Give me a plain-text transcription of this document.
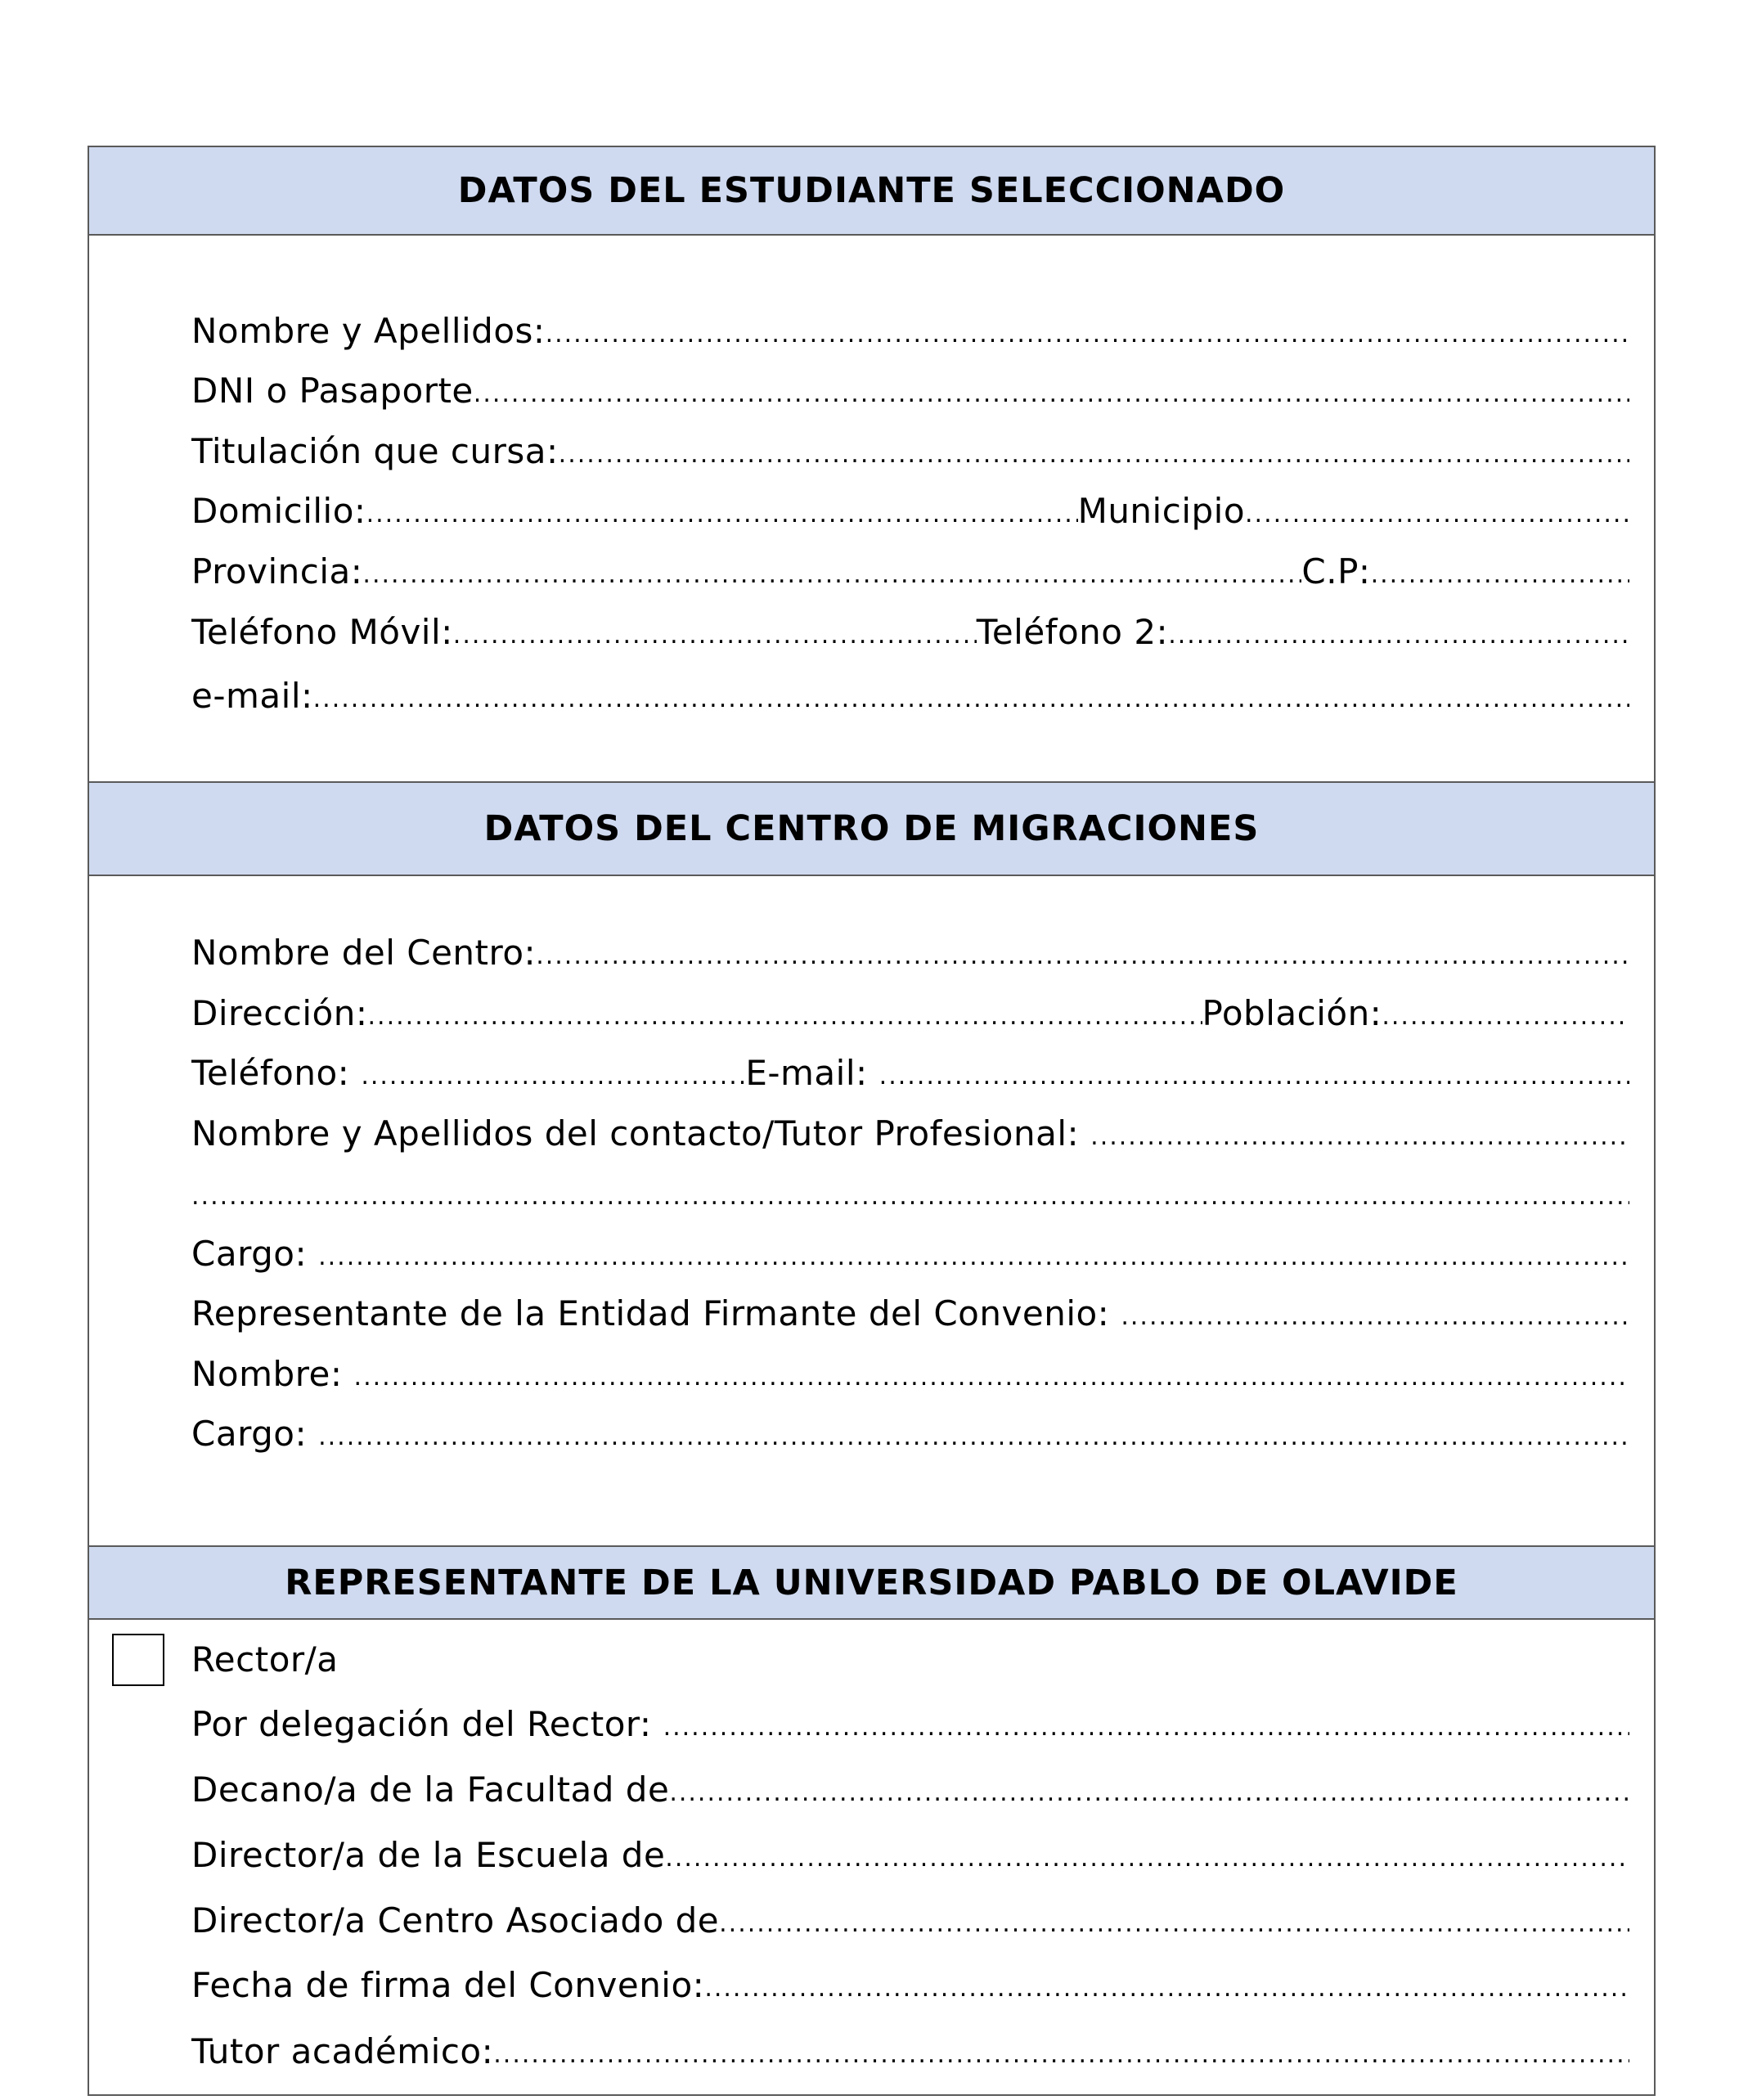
DATOS DEL ESTUDIANTE SELECCIONADO
Nombre y Apellidos:
.....
DNI o Pasaporte
.....
Titulación que cursa:
.....
Domicilio: .....	Municipio
.....
Provincia: .....	C.P:
.....
Teléfono Móvil: .....	Teléfono 2:
.....
e-mail:
.....
DATOS DEL CENTRO DE MIGRACIONES
Nombre del Centro:
.....
Dirección: .....	Población:
.....
Teléfono: .....	E-mail:
.....
Nombre y Apellidos del contacto/Tutor Profesional:
.....
.....
Cargo:
.....
Representante de la Entidad Firmante del Convenio:
.....
Nombre:
.....
Cargo:
.....
REPRESENTANTE DE LA UNIVERSIDAD PABLO DE OLAVIDE
Rector/a
Por delegación del Rector:
.....
Decano/a de la Facultad de
.....
Director/a de la Escuela de
.....
Director/a Centro Asociado de
.....
Fecha de firma del Convenio:
.....
Tutor académico:
.....
